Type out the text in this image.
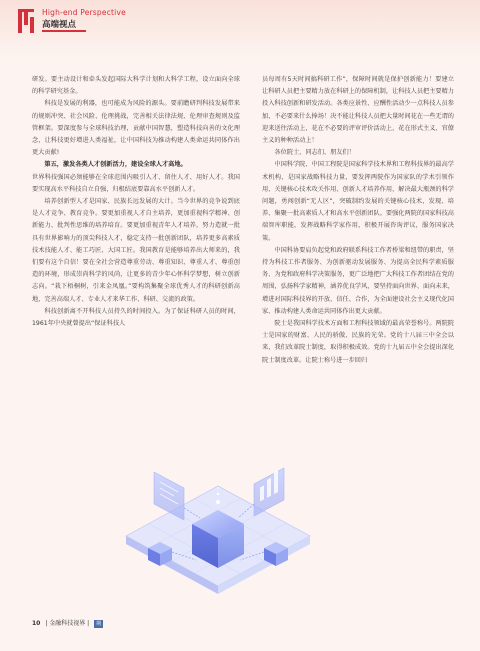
High-end Perspective
高端视点

研发。要主动设计和牵头发起国际大科学计划和大科学工程，设立面向全球的科学研究基金。

科技是发展的利器，也可能成为风险的源头。要前瞻研判科技发展带来的规则冲突、社会风险、伦理挑战，完善相关法律法规、伦理审查规则及监管框架。要深度参与全球科技治理，贡献中国智慧，塑造科技向善的文化理念，让科技更好增进人类福祉，让中国科技为推动构建人类命运共同体作出更大贡献!

第五，激发各类人才创新活力，建设全球人才高地。

世界科技强国必须能够在全球范围内吸引人才、留住人才、用好人才。我国要实现高水平科技自立自强，归根结底要靠高水平创新人才。

培养创新型人才是国家、民族长远发展的大计。当今世界的竞争说到底是人才竞争、教育竞争。要更加重视人才自主培养，更加重视科学精神、创新能力、批判性思维的培养培育。要更加重视青年人才培养，努力造就一批具有世界影响力的顶尖科技人才，稳定支持一批创新团队，培养更多高素质技术技能人才、能工巧匠、大国工匠。我国教育是能够培养出大师来的，我们要有这个自信！要在全社会营造尊重劳动、尊重知识、尊重人才、尊重创造的环境，形成崇尚科学的风尚，让更多的青少年心怀科学梦想，树立创新志向。“栽下梧桐树，引来金凤凰。”要构筑集聚全球优秀人才的科研创新高地，完善高端人才、专业人才来华工作、科研、交流的政策。

科技创新离不开科技人员持久的时间投入。为了保证科研人员的时间，1961年中央就曾提出“保证科技人

员每周有5天时间搞科研工作”，保障时间就是保护创新能力！要建立让科研人员把主要精力放在科研上的保障机制，让科技人员把主要精力投入科技创新和研发活动。各类应景性、应酬性活动少一点科技人员参加，不必要来什么捧场！决不能让科技人员把大量时间花在一些无谓的迎来送往活动上，花在不必要的评审评价活动上，花在形式主义、官僚主义的种种活动上！

各位院士，同志们、朋友们！

中国科学院、中国工程院是国家科学技术界和工程科技界的最高学术机构，是国家战略科技力量，要发挥两院作为国家队的学术引领作用、关键核心技术攻关作用、创新人才培养作用，解决最大瓶颈的科学问题，勇闯创新“无人区”，突破制约发展的关键核心技术，发现、培养、集聚一批高素质人才和高水平创新团队。要强化两院的国家科技高端智库职能，发挥战略科学家作用，积极开展咨询评议，服务国家决策。

中国科协要肩负起党和政府联系科技工作者桥梁和纽带的职责，坚持为科技工作者服务、为创新驱动发展服务、为提高全民科学素质服务、为党和政府科学决策服务，更广泛地把广大科技工作者团结在党的周围，弘扬科学家精神，涵养优良学风，要坚持面向世界、面向未来，增进对国际科技界的开放、信任、合作，为全面建设社会主义现代化国家、推动构建人类命运共同体作出更大贡献。

院士是我国科学技术方面和工程科技领域的最高荣誉称号。两院院士是国家的财富、人民的骄傲、民族的光荣。党的十八届三中全会以来，我们改革院士制度，取得积极成效。党的十九届五中全会提出深化院士制度改革。让院士称号进一步回归

10 | 金融科技视界 | 期
